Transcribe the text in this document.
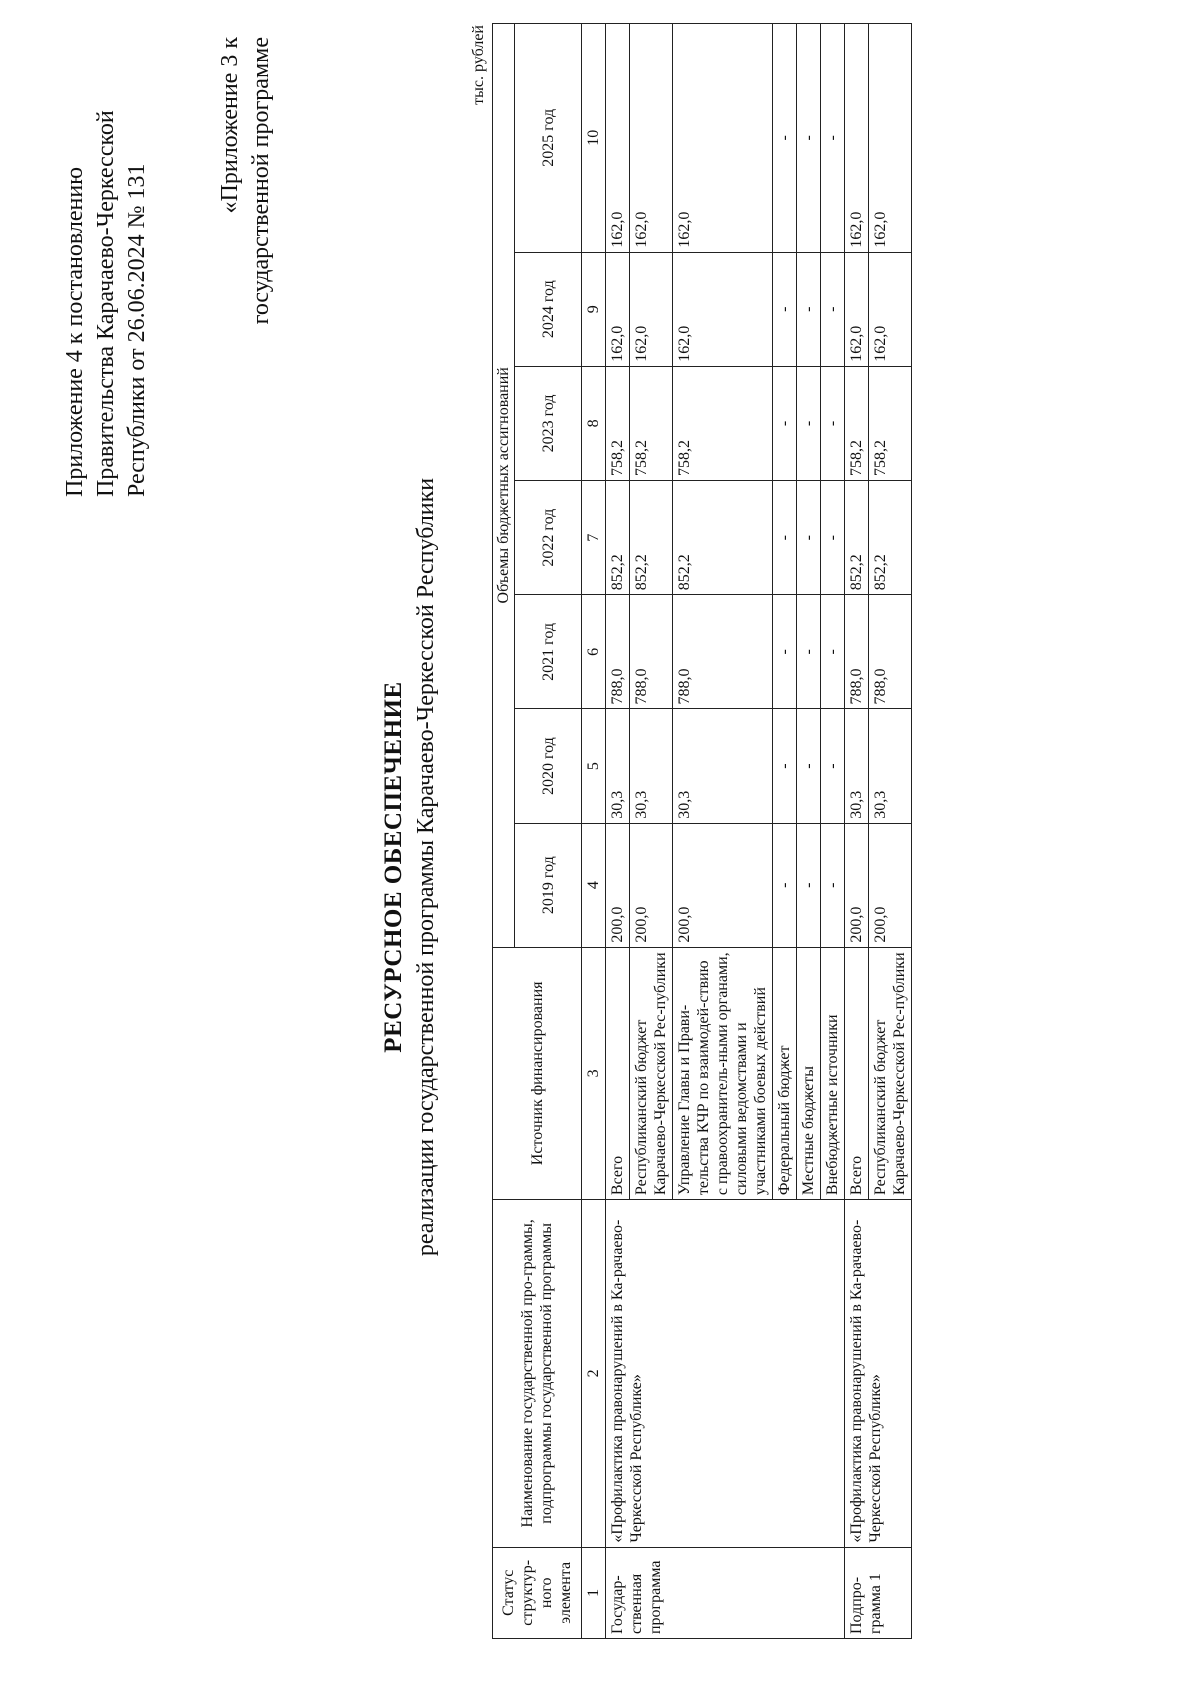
Приложение 4 к постановлению Правительства Карачаево-Черкесской Республики от 26.06.2024 № 131
«Приложение 3 к государственной программе
РЕСУРСНОЕ ОБЕСПЕЧЕНИЕ реализации государственной программы Карачаево-Черкесской Республики
тыс. рублей
Статус структур-ного элемента	Наименование государственной про-граммы, подпрограммы государственной программы	Источник финансирования	Объемы бюджетных ассигнований						
			2019 год	2020 год	2021 год	2022 год	2023 год	2024 год	2025 год
1	2	3	4	5	6	7	8	9	10
Государ-ственная программа	«Профилактика правонарушений в Ка-рачаево-Черкесской Республике»	Всего	200,0	30,3	788,0	852,2	758,2	162,0	162,0
		Республиканский бюджет Карачаево-Черкесской Рес-публики	200,0	30,3	788,0	852,2	758,2	162,0	162,0
		Управление Главы и Прави-тельства КЧР по взаимодей-ствию с правоохранитель-ными органами, силовыми ведомствами и участниками боевых действий	200,0	30,3	788,0	852,2	758,2	162,0	162,0
		Федеральный бюджет	-	-	-	-	-	-	-
		Местные бюджеты	-	-	-	-	-	-	-
		Внебюджетные источники	-	-	-	-	-	-	-
Подпро-грамма 1	«Профилактика правонарушений в Ка-рачаево-Черкесской Республике»	Всего	200,0	30,3	788,0	852,2	758,2	162,0	162,0
		Республиканский бюджет Карачаево-Черкесской Рес-публики	200,0	30,3	788,0	852,2	758,2	162,0	162,0
